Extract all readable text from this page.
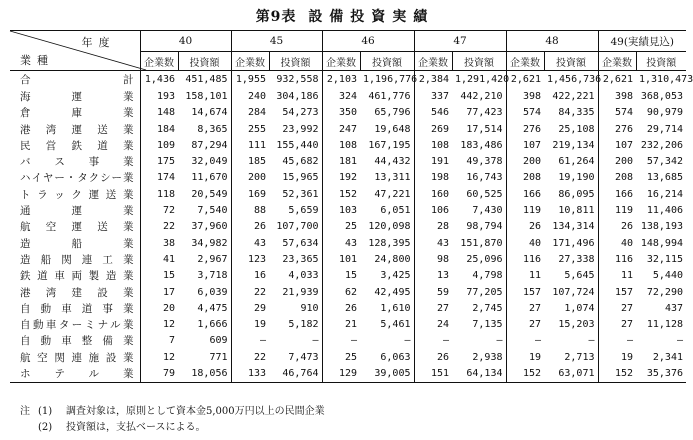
第9表 設備投資実績
年度
業種	40		45		46		47		48		49(実績見込)	
	企業数	投資額	企業数	投資額	企業数	投資額	企業数	投資額	企業数	投資額	企業数	投資額
合計	1,436	451,485	1,955	932,558	2,103	1,196,776	2,384	1,291,420	2,621	1,456,736	2,621	1,310,473
海運業	193	158,101	240	304,186	324	461,776	337	442,210	398	422,221	398	368,053
倉庫業	148	14,674	284	54,273	350	65,796	546	77,423	574	84,335	574	90,979
港湾運送業	184	8,365	255	23,992	247	19,648	269	17,514	276	25,108	276	29,714
民営鉄道業	109	87,294	111	155,440	108	167,195	108	183,486	107	219,134	107	232,206
バス事業	175	32,049	185	45,682	181	44,432	191	49,378	200	61,264	200	57,342
ハイヤー・タクシー業	174	11,670	200	15,965	192	13,311	198	16,743	208	19,190	208	13,685
トラック運送業	118	20,549	169	52,361	152	47,221	160	60,525	166	86,095	166	16,214
通運業	72	7,540	88	5,659	103	6,051	106	7,430	119	10,811	119	11,406
航空運送業	22	37,960	26	107,700	25	120,098	28	98,794	26	134,314	26	138,193
造船業	38	34,982	43	57,634	43	128,395	43	151,870	40	171,496	40	148,994
造船関連工業	41	2,967	123	23,365	101	24,800	98	25,096	116	27,338	116	32,115
鉄道車両製造業	15	3,718	16	4,033	15	3,425	13	4,798	11	5,645	11	5,440
港湾建設業	17	6,039	22	21,939	62	42,495	59	77,205	157	107,724	157	72,290
自動車道事業	20	4,475	29	910	26	1,610	27	2,745	27	1,074	27	437
自動車ターミナル業	12	1,666	19	5,182	21	5,461	24	7,135	27	15,203	27	11,128
自動車整備業	7	609	—	—	—	—	—	—	—	—	—	—
航空関連施設業	12	771	22	7,473	25	6,063	26	2,938	19	2,713	19	2,341
ホテル業	79	18,056	133	46,764	129	39,005	151	64,134	152	63,071	152	35,376
注 (1)	調査対象は，原則として資本金5,000万円以上の民間企業
(2)	投資額は，支払ベースによる。
